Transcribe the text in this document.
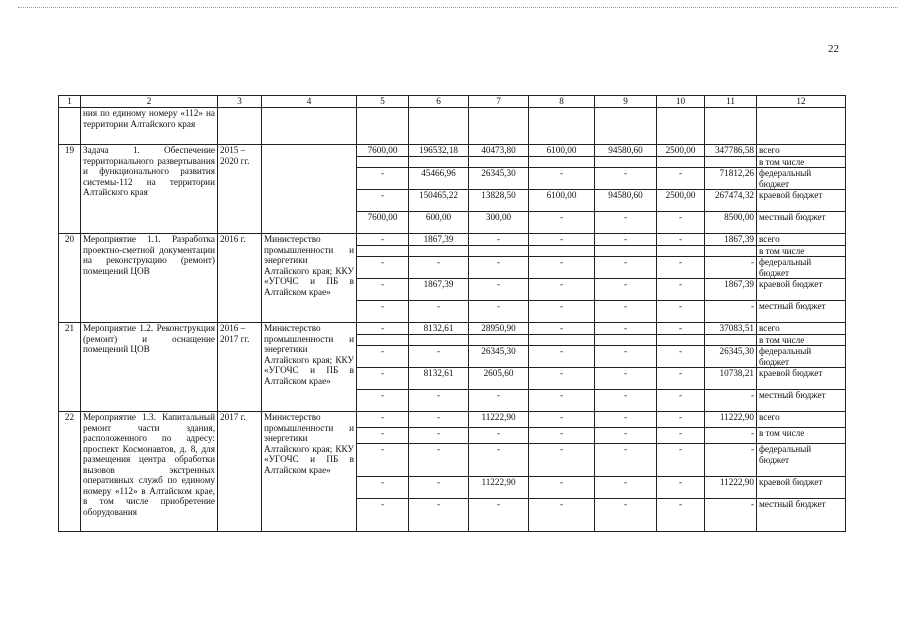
22
1	2	3	4	5	6	7	8	9	10	11	12
	ния по единому номеру «112» на территории Алтайского края										
19	Задача 1. Обеспечение территориального развертывания и функционального развития системы-112 на территории Алтайского края	2015 – 2020 гг.		7600,00	196532,18	40473,80	6100,00	94580,60	2500,00	347786,58	всего
											в том числе
				-	45466,96	26345,30	-	-	-	71812,26	федеральный бюджет
				-	150465,22	13828,50	6100,00	94580,60	2500,00	267474,32	краевой бюджет
				7600,00	600,00	300,00	-	-	-	8500,00	местный бюджет
20	Мероприятие 1.1. Разработка проектно-сметной документации на реконструкцию (ремонт) помещений ЦОВ	2016 г.	Министерство промышленности и энергетики Алтайского края; ККУ «УГОЧС и ПБ в Алтайском крае»	-	1867,39	-	-	-	-	1867,39	всего
											в том числе
				-	-	-	-	-	-	-	федеральный бюджет
				-	1867,39	-	-	-	-	1867,39	краевой бюджет
				-	-	-	-	-	-	-	местный бюджет
21	Мероприятие 1.2. Реконструкция (ремонт) и оснащение помещений ЦОВ	2016 – 2017 гг.	Министерство промышленности и энергетики Алтайского края; ККУ «УГОЧС и ПБ в Алтайском крае»	-	8132,61	28950,90	-	-	-	37083,51	всего
											в том числе
				-	-	26345,30	-	-	-	26345,30	федеральный бюджет
				-	8132,61	2605,60	-	-	-	10738,21	краевой бюджет
				-	-	-	-	-	-	-	местный бюджет
22	Мероприятие 1.3. Капитальный ремонт части здания, расположенного по адресу: проспект Космонавтов, д. 8, для размещения центра обработки вызовов экстренных оперативных служб по единому номеру «112» в Алтайском крае, в том числе приобретение оборудования	2017 г.	Министерство промышленности и энергетики Алтайского края; ККУ «УГОЧС и ПБ в Алтайском крае»	-	-	11222,90	-	-	-	11222,90	всего
				-	-	-	-	-	-	-	в том числе
				-	-	-	-	-	-	-	федеральный бюджет
				-	-	11222,90	-	-	-	11222,90	краевой бюджет
				-	-	-	-	-	-	-	местный бюджет
